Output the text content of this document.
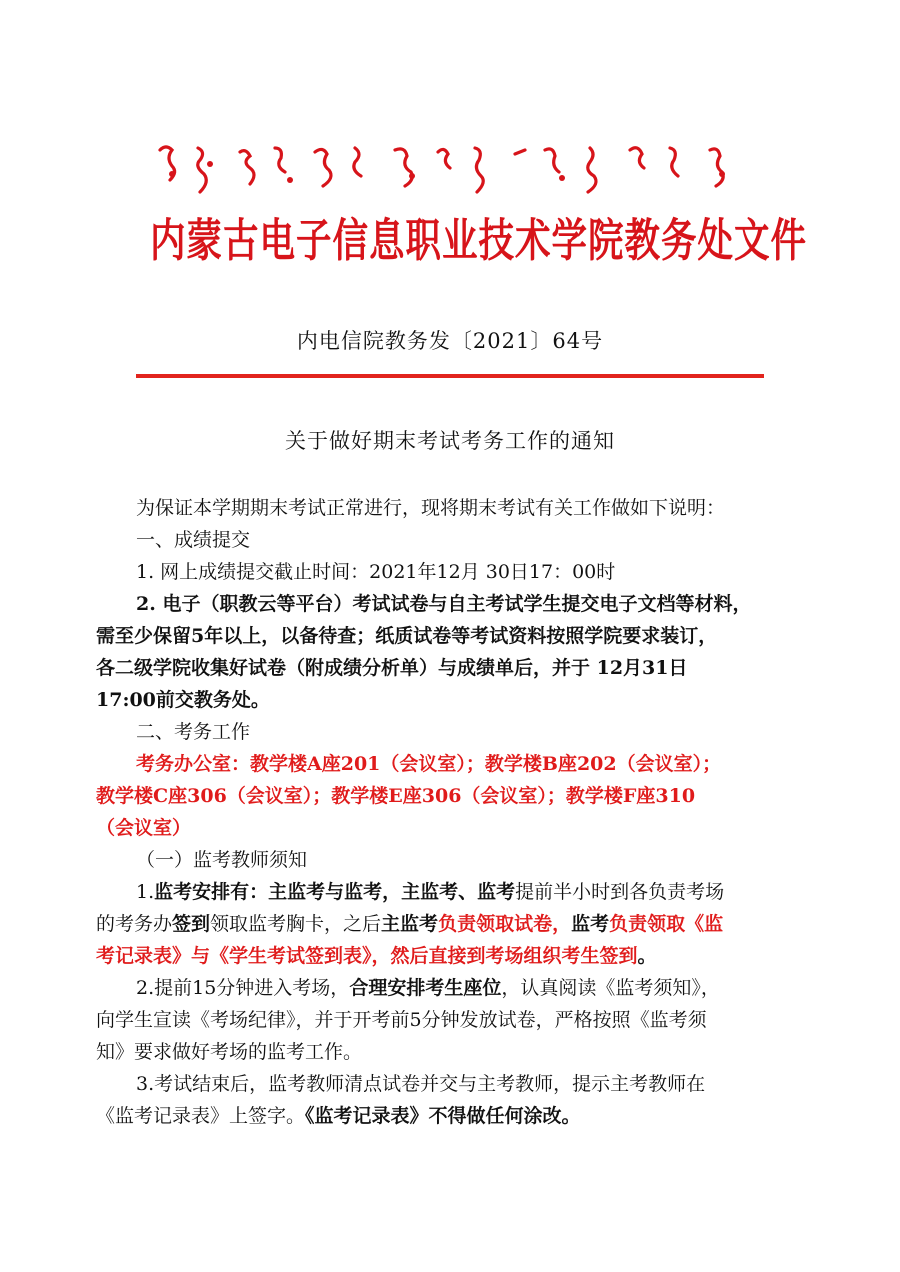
内蒙古电子信息职业技术学院教务处文件
内电信院教务发〔2021〕64号
关于做好期末考试考务工作的通知

为保证本学期期末考试正常进行，现将期末考试有关工作做如下说明：

一、成绩提交

1. 网上成绩提交截止时间：2021年12月 30日17：00时

2. 电子（职教云等平台）考试试卷与自主考试学生提交电子文档等材料，

需至少保留5年以上，以备待查；纸质试卷等考试资料按照学院要求装订，

各二级学院收集好试卷（附成绩分析单）与成绩单后，并于 12月31日

17:00前交教务处。

二、考务工作

考务办公室：教学楼A座201（会议室）；教学楼B座202（会议室）；

教学楼C座306（会议室）；教学楼E座306（会议室）；教学楼F座310

（会议室）

（一）监考教师须知

1.监考安排有：主监考与监考，主监考、监考提前半小时到各负责考场

的考务办签到领取监考胸卡，之后主监考负责领取试卷，监考负责领取《监

考记录表》与《学生考试签到表》，然后直接到考场组织考生签到。

2.提前15分钟进入考场，合理安排考生座位，认真阅读《监考须知》，

向学生宣读《考场纪律》，并于开考前5分钟发放试卷，严格按照《监考须

知》要求做好考场的监考工作。

3.考试结束后，监考教师清点试卷并交与主考教师，提示主考教师在

《监考记录表》上签字。《监考记录表》不得做任何涂改。
